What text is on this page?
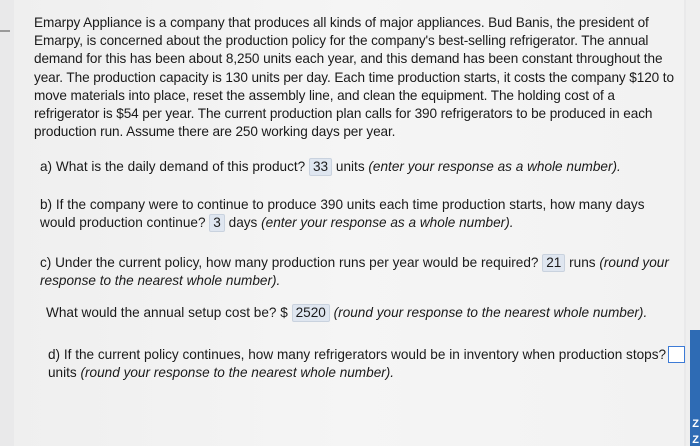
Z
Z

Emarpy Appliance is a company that produces all kinds of major appliances. Bud Banis, the president of Emarpy, is concerned about the production policy for the company's best-selling refrigerator. The annual demand for this has been about 8,250 units each year, and this demand has been constant throughout the year. The production capacity is 130 units per day. Each time production starts, it costs the company $120 to move materials into place, reset the assembly line, and clean the equipment. The holding cost of a refrigerator is $54 per year. The current production plan calls for 390 refrigerators to be produced in each production run. Assume there are 250 working days per year.

a) What is the daily demand of this product? 33 units (enter your response as a whole number).

b) If the company were to continue to produce 390 units each time production starts, how many days would production continue? 3 days (enter your response as a whole number).

c) Under the current policy, how many production runs per year would be required? 21 runs (round your response to the nearest whole number).

What would the annual setup cost be? $ 2520 (round your response to the nearest whole number).

d) If the current policy continues, how many refrigerators would be in inventory when production stops?
units (round your response to the nearest whole number).
